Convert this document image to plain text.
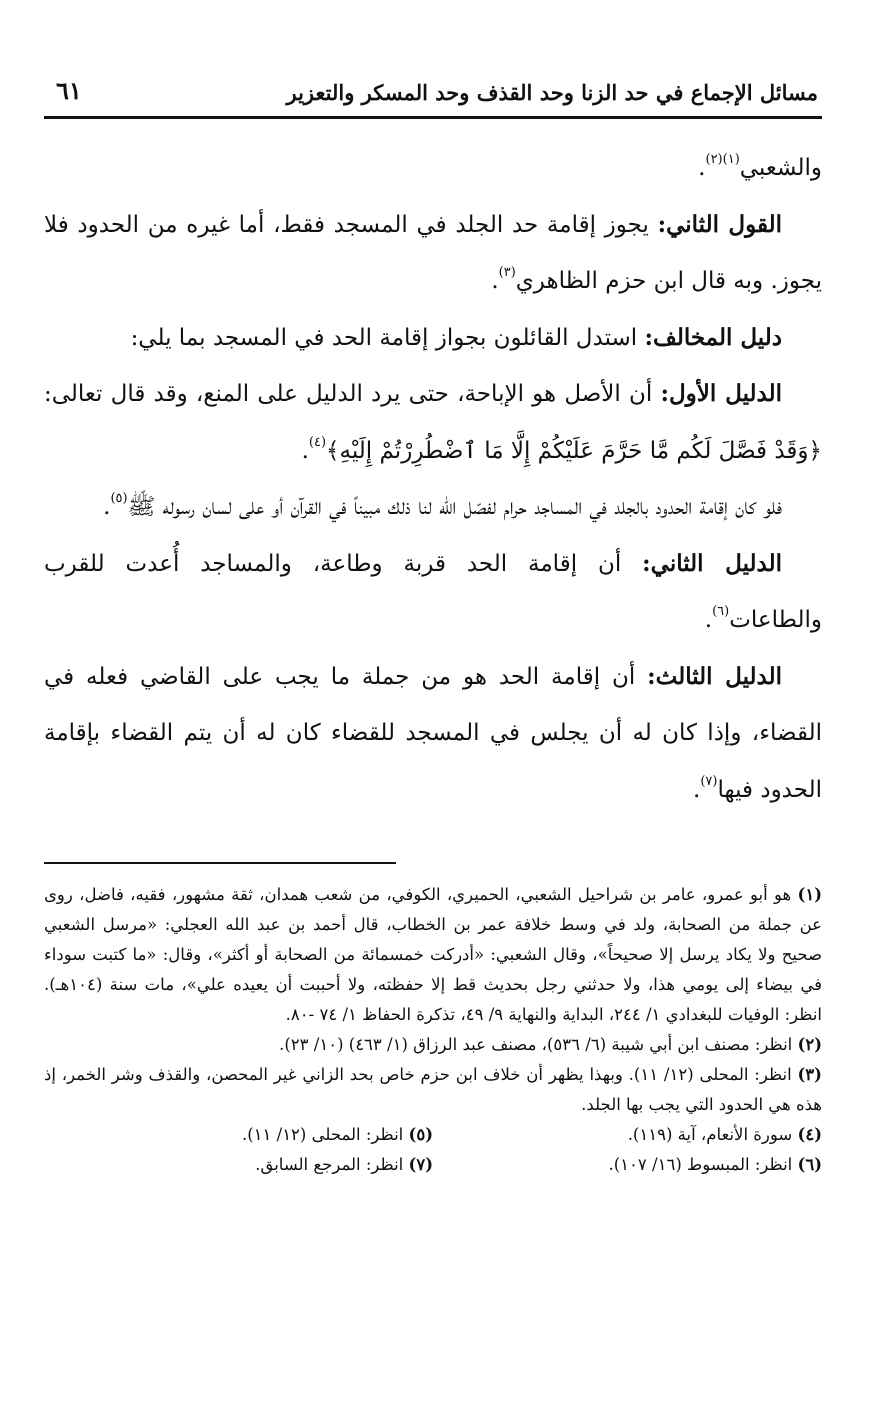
مسائل الإجماع في حد الزنا وحد القذف وحد المسكر والتعزير
٦١

والشعبي$^{(١)(٢)}$.

القول الثاني: يجوز إقامة حد الجلد في المسجد فقط، أما غيره من الحدود فلا يجوز. وبه قال ابن حزم الظاهري$^{(٣)}$.

دليل المخالف: استدل القائلون بجواز إقامة الحد في المسجد بما يلي:

الدليل الأول: أن الأصل هو الإباحة، حتى يرد الدليل على المنع، وقد قال تعالى: ﴿وَقَدْ فَصَّلَ لَكُم مَّا حَرَّمَ عَلَيْكُمْ إِلَّا مَا ٱضْطُرِرْتُمْ إِلَيْهِ﴾$^{(٤)}$.

فلو كان إقامة الحدود بالجلد في المساجد حرام لفصّل الله لنا ذلك مبيناً في القرآن أو على لسان رسوله ﷺ$^{(٥)}$.

الدليل الثاني: أن إقامة الحد قربة وطاعة، والمساجد أُعدت للقرب والطاعات$^{(٦)}$.

الدليل الثالث: أن إقامة الحد هو من جملة ما يجب على القاضي فعله في القضاء، وإذا كان له أن يجلس في المسجد للقضاء كان له أن يتم القضاء بإقامة الحدود فيها$^{(٧)}$.

(١) هو أبو عمرو، عامر بن شراحيل الشعبي، الحميري، الكوفي، من شعب همدان، ثقة مشهور، فقيه، فاضل، روى عن جملة من الصحابة، ولد في وسط خلافة عمر بن الخطاب، قال أحمد بن عبد الله العجلي: «مرسل الشعبي صحيح ولا يكاد يرسل إلا صحيحاً»، وقال الشعبي: «أدركت خمسمائة من الصحابة أو أكثر»، وقال: «ما كتبت سوداء في بيضاء إلى يومي هذا، ولا حدثني رجل بحديث قط إلا حفظته، ولا أحببت أن يعيده علي»، مات سنة (١٠٤هـ). انظر: الوفيات للبغدادي ١/ ٢٤٤، البداية والنهاية ٩/ ٤٩، تذكرة الحفاظ ١/ ٧٤ -٨٠.

(٢) انظر: مصنف ابن أبي شيبة (٦/ ٥٣٦)، مصنف عبد الرزاق (١/ ٤٦٣) (١٠/ ٢٣).

(٣) انظر: المحلى (١٢/ ١١). وبهذا يظهر أن خلاف ابن حزم خاص بحد الزاني غير المحصن، والقذف وشر الخمر، إذ هذه هي الحدود التي يجب بها الجلد.

(٤) سورة الأنعام، آية (١١٩).
(٥) انظر: المحلى (١٢/ ١١).
(٦) انظر: المبسوط (١٦/ ١٠٧).
(٧) انظر: المرجع السابق.
